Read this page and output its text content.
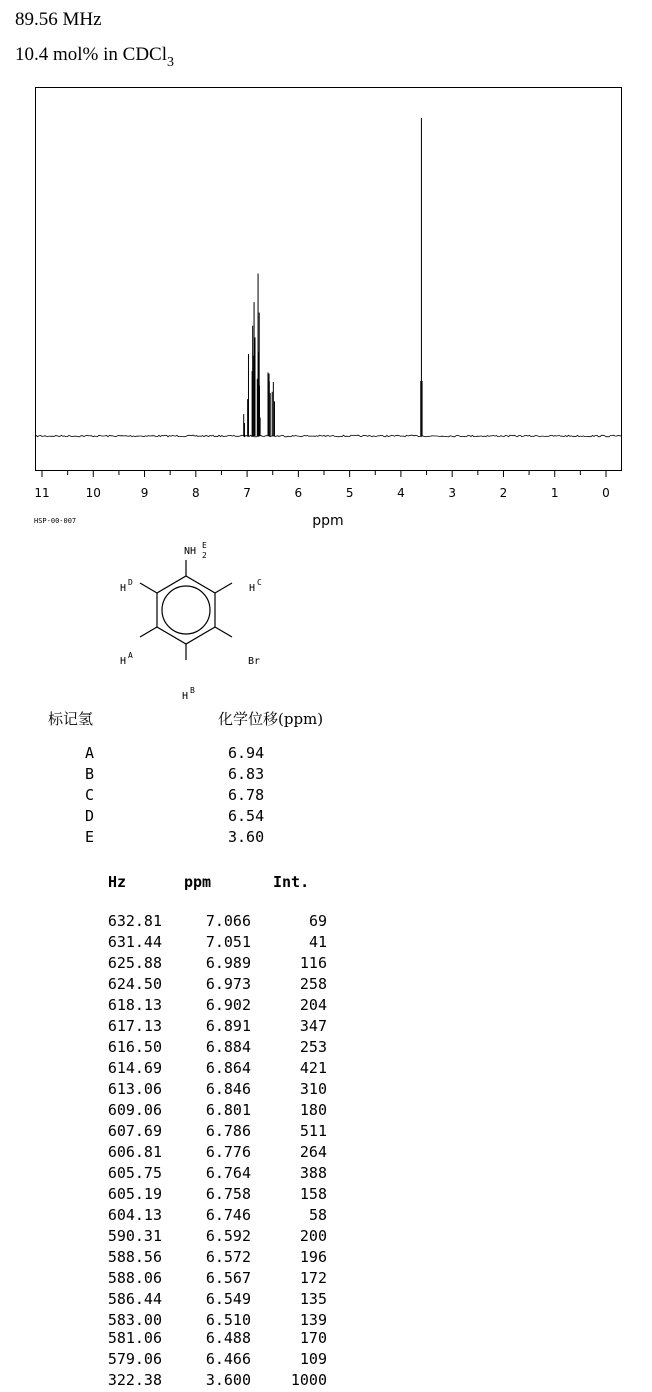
89.56 MHz
10.4 mol% in CDCl$_3$
11	10	9	8	7	6	5	4	3	2	1	0
ppm
HSP-00-007
NH
E
2
H
D
H
C
H
A
H
B
Br
标记氢	化学位移(ppm)
A	6.94
B	6.83
C	6.78
D	6.54
E	3.60
Hz	ppm	Int.
632.81	7.066	69
631.44	7.051	41
625.88	6.989	116
624.50	6.973	258
618.13	6.902	204
617.13	6.891	347
616.50	6.884	253
614.69	6.864	421
613.06	6.846	310
609.06	6.801	180
607.69	6.786	511
606.81	6.776	264
605.75	6.764	388
605.19	6.758	158
604.13	6.746	58
590.31	6.592	200
588.56	6.572	196
588.06	6.567	172
586.44	6.549	135
583.00	6.510	139
581.06	6.488	170
579.06	6.466	109
322.38	3.600	1000
